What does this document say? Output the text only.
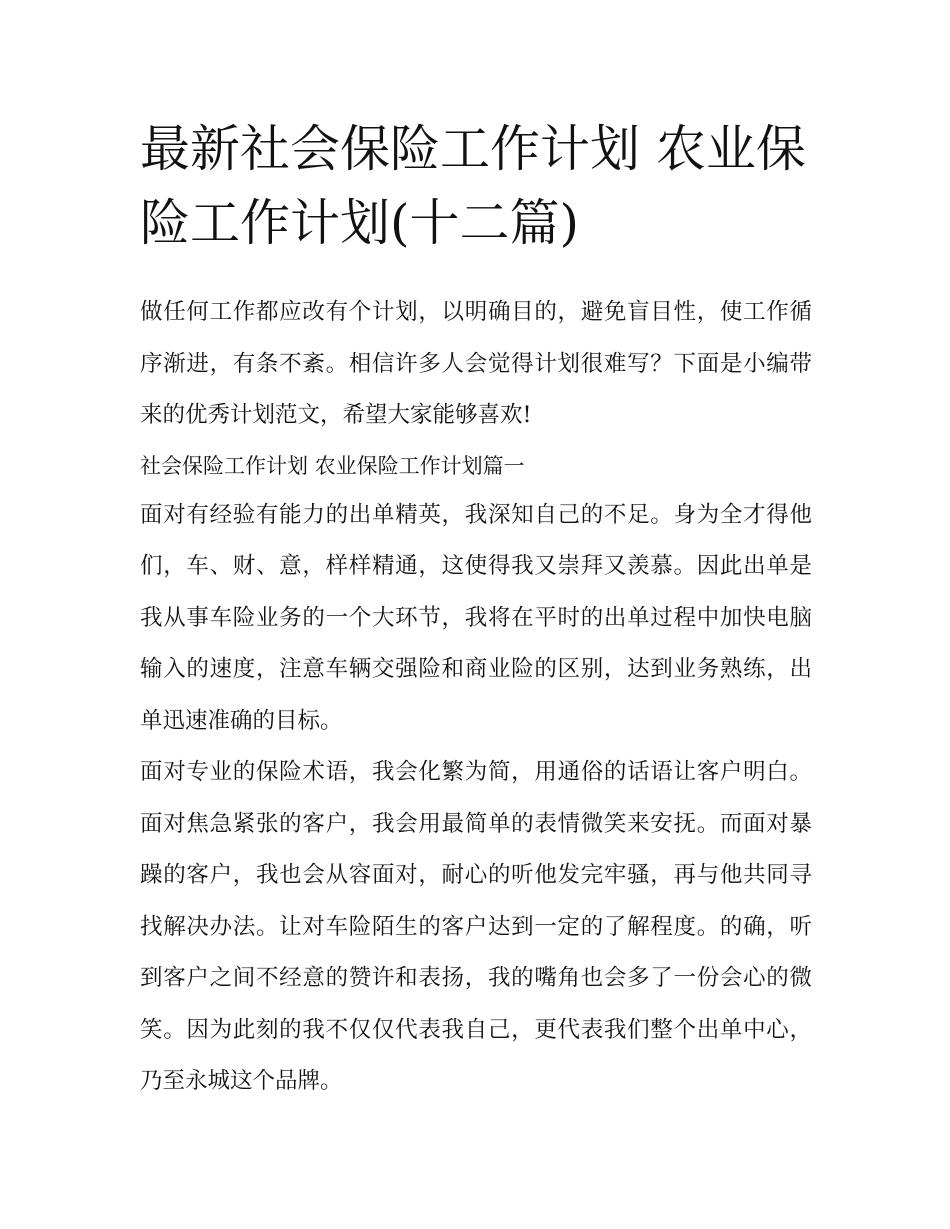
最新社会保险工作计划 农业保险工作计划(十二篇)

做任何工作都应改有个计划，以明确目的，避免盲目性，使工作循序渐进，有条不紊。相信许多人会觉得计划很难写？下面是小编带来的优秀计划范文，希望大家能够喜欢!

社会保险工作计划 农业保险工作计划篇一

面对有经验有能力的出单精英，我深知自己的不足。身为全才得他们，车、财、意，样样精通，这使得我又崇拜又羡慕。因此出单是我从事车险业务的一个大环节，我将在平时的出单过程中加快电脑输入的速度，注意车辆交强险和商业险的区别，达到业务熟练，出单迅速准确的目标。

面对专业的保险术语，我会化繁为简，用通俗的话语让客户明白。面对焦急紧张的客户，我会用最简单的表情微笑来安抚。而面对暴躁的客户，我也会从容面对，耐心的听他发完牢骚，再与他共同寻找解决办法。让对车险陌生的客户达到一定的了解程度。的确，听到客户之间不经意的赞许和表扬，我的嘴角也会多了一份会心的微笑。因为此刻的我不仅仅代表我自己，更代表我们整个出单中心，乃至永城这个品牌。
